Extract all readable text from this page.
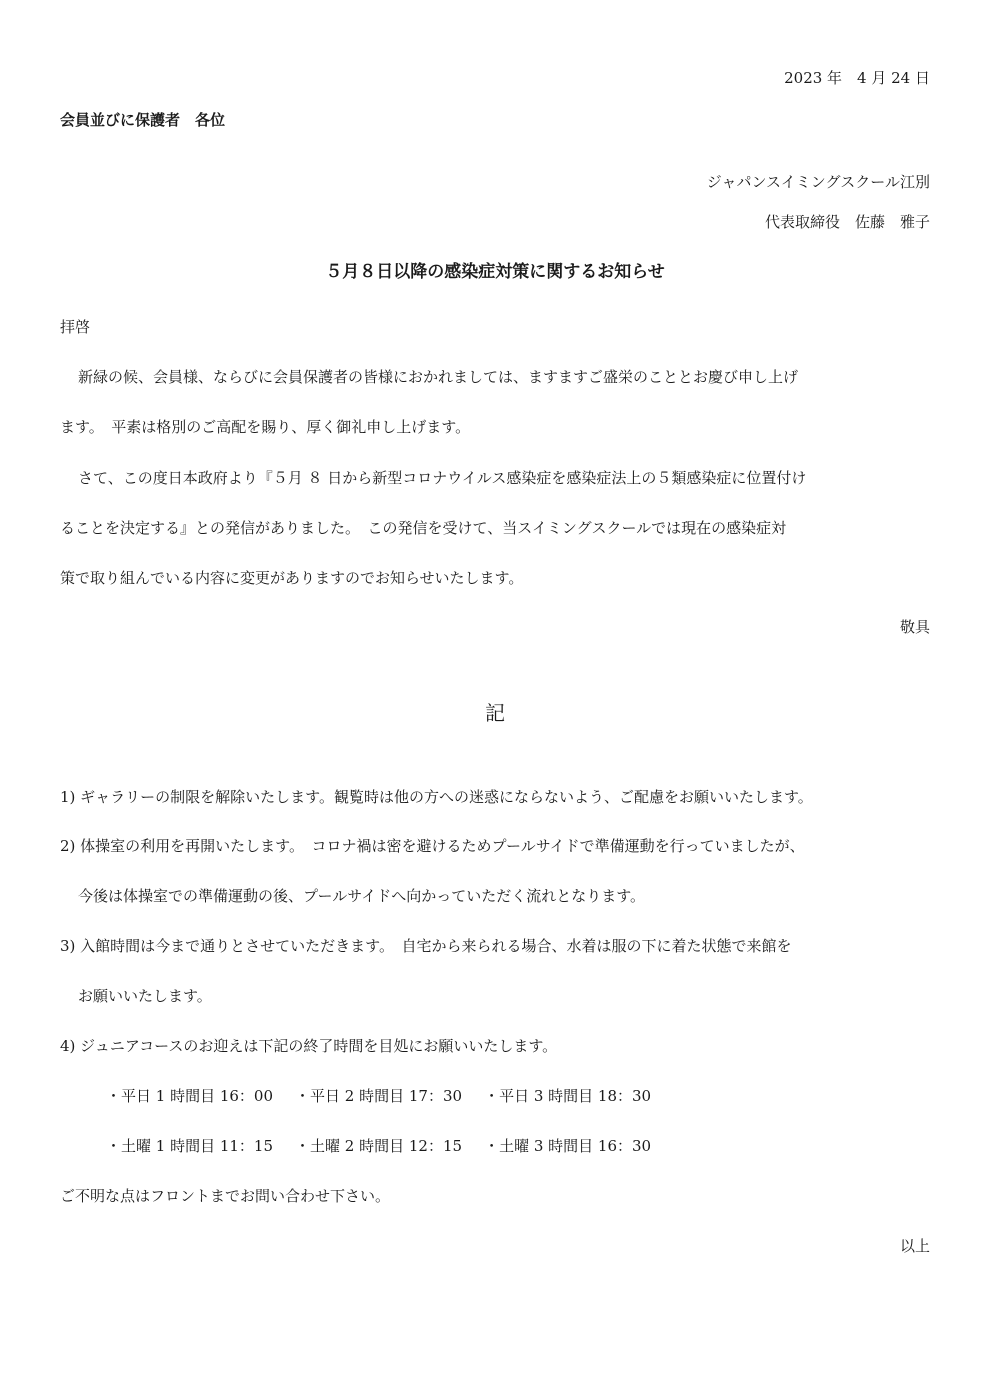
2023 年　4 月 24 日
会員並びに保護者　各位
ジャパンスイミングスクール江別
代表取締役　佐藤　雅子
５月８日以降の感染症対策に関するお知らせ
拝啓
新緑の候、会員様、ならびに会員保護者の皆様におかれましては、ますますご盛栄のこととお慶び申し上げ
ます。　平素は格別のご高配を賜り、厚く御礼申し上げます。
さて、この度日本政府より『５月 ８ 日から新型コロナウイルス感染症を感染症法上の５類感染症に位置付け
ることを決定する』との発信がありました。　この発信を受けて、当スイミングスクールでは現在の感染症対
策で取り組んでいる内容に変更がありますのでお知らせいたします。
敬具
記
1) ギャラリーの制限を解除いたします。観覧時は他の方への迷惑にならないよう、ご配慮をお願いいたします。
2) 体操室の利用を再開いたします。　コロナ禍は密を避けるためプールサイドで準備運動を行っていましたが、
今後は体操室での準備運動の後、プールサイドへ向かっていただく流れとなります。
3) 入館時間は今まで通りとさせていただきます。　自宅から来られる場合、水着は服の下に着た状態で来館を
お願いいたします。
4) ジュニアコースのお迎えは下記の終了時間を目処にお願いいたします。
・平日 1 時間目 16：00 ・平日 2 時間目 17：30 ・平日 3 時間目 18：30
・土曜 1 時間目 11：15 ・土曜 2 時間目 12：15 ・土曜 3 時間目 16：30
ご不明な点はフロントまでお問い合わせ下さい。
以上
